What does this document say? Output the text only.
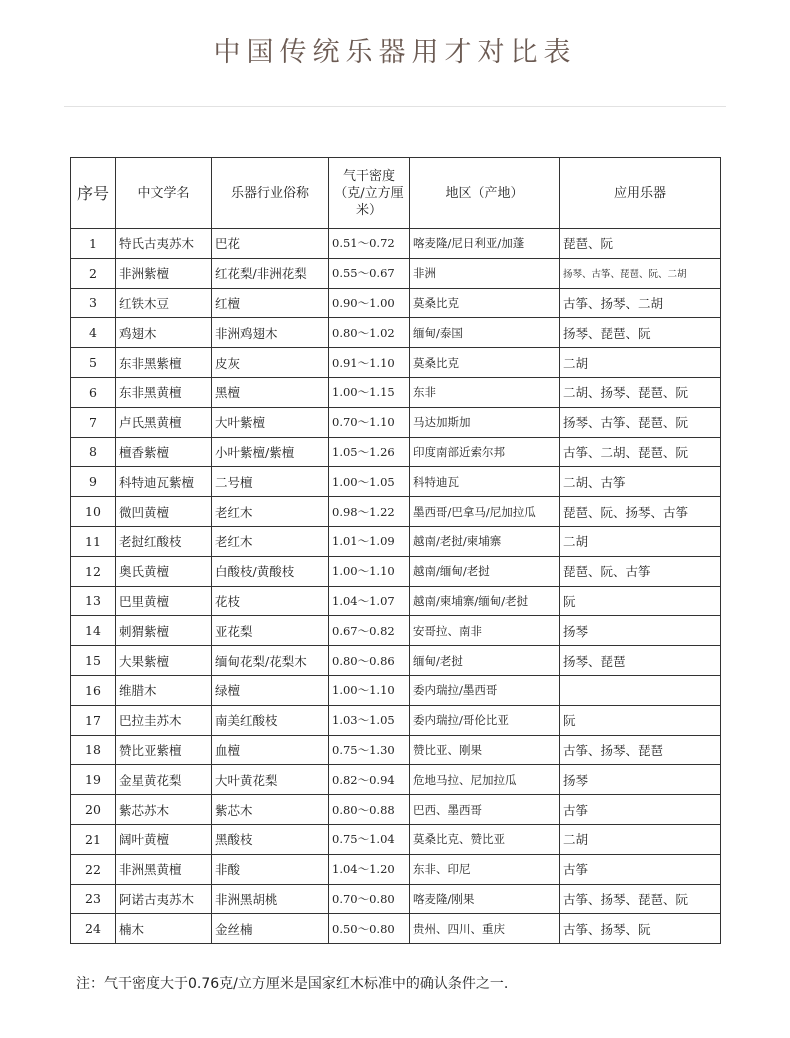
中国传统乐器用才对比表
序号	中文学名	乐器行业俗称	气干密度（克/立方厘米）	地区（产地）	应用乐器
1	特氏古夷苏木	巴花	0.51～0.72	喀麦隆/尼日利亚/加蓬	琵琶、阮
2	非洲紫檀	红花梨/非洲花梨	0.55～0.67	非洲	扬琴、古筝、琵琶、阮、二胡
3	红铁木豆	红檀	0.90～1.00	莫桑比克	古筝、扬琴、二胡
4	鸡翅木	非洲鸡翅木	0.80～1.02	缅甸/泰国	扬琴、琵琶、阮
5	东非黑紫檀	皮灰	0.91～1.10	莫桑比克	二胡
6	东非黑黄檀	黑檀	1.00～1.15	东非	二胡、扬琴、琵琶、阮
7	卢氏黑黄檀	大叶紫檀	0.70～1.10	马达加斯加	扬琴、古筝、琵琶、阮
8	檀香紫檀	小叶紫檀/紫檀	1.05～1.26	印度南部近索尔邦	古筝、二胡、琵琶、阮
9	科特迪瓦紫檀	二号檀	1.00～1.05	科特迪瓦	二胡、古筝
10	微凹黄檀	老红木	0.98～1.22	墨西哥/巴拿马/尼加拉瓜	琵琶、阮、扬琴、古筝
11	老挝红酸枝	老红木	1.01～1.09	越南/老挝/柬埔寨	二胡
12	奥氏黄檀	白酸枝/黄酸枝	1.00～1.10	越南/缅甸/老挝	琵琶、阮、古筝
13	巴里黄檀	花枝	1.04～1.07	越南/柬埔寨/缅甸/老挝	阮
14	刺猬紫檀	亚花梨	0.67～0.82	安哥拉、南非	扬琴
15	大果紫檀	缅甸花梨/花梨木	0.80～0.86	缅甸/老挝	扬琴、琵琶
16	维腊木	绿檀	1.00～1.10	委内瑞拉/墨西哥	
17	巴拉圭苏木	南美红酸枝	1.03～1.05	委内瑞拉/哥伦比亚	阮
18	赞比亚紫檀	血檀	0.75～1.30	赞比亚、刚果	古筝、扬琴、琵琶
19	金星黄花梨	大叶黄花梨	0.82～0.94	危地马拉、尼加拉瓜	扬琴
20	紫芯苏木	紫芯木	0.80～0.88	巴西、墨西哥	古筝
21	阔叶黄檀	黑酸枝	0.75～1.04	莫桑比克、赞比亚	二胡
22	非洲黑黄檀	非酸	1.04～1.20	东非、印尼	古筝
23	阿诺古夷苏木	非洲黑胡桃	0.70～0.80	喀麦隆/刚果	古筝、扬琴、琵琶、阮
24	楠木	金丝楠	0.50～0.80	贵州、四川、重庆	古筝、扬琴、阮
注：气干密度大于0.76克/立方厘米是国家红木标准中的确认条件之一.
